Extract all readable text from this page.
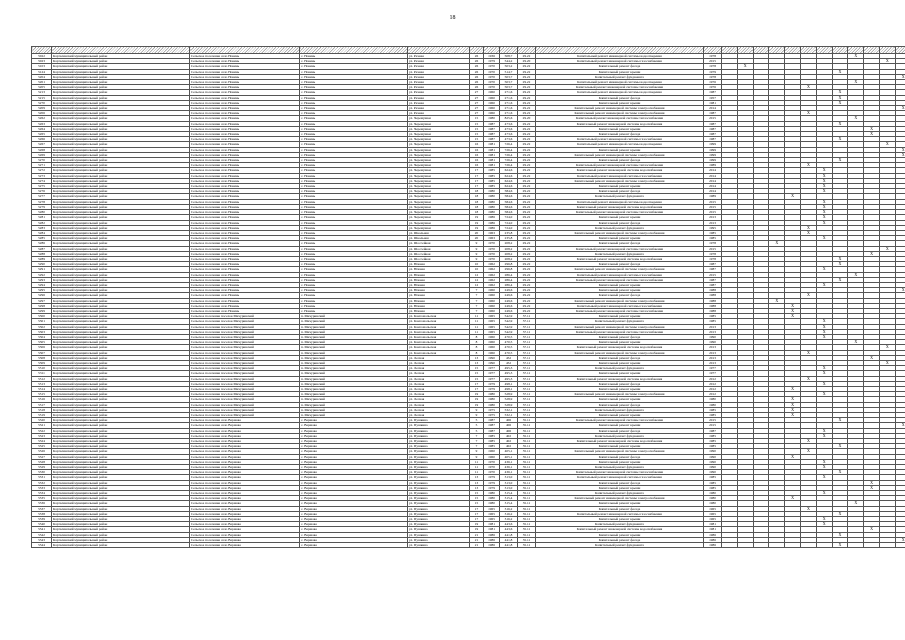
18

5022	Карталинский муниципальный район	Сельское поселение село Новинь	с. Новинь	ул. Речная	26	1936	508,7	29.22	Капитальный ремонт инженерной системы водоотведения	1978									X			
5023	Карталинский муниципальный район	Сельское поселение село Новинь	с. Новинь	ул. Речная	26	1979	544,2	29.20	Капитальный ремонт инженерной системы газоснабжения	2015											X	
5103	Карталинский муниципальный район	Сельское поселение село Новинь	с. Новинь	ул. Речная	26	1970	503,2	29.22	Капитальный ремонт фасада	1978		X										
5124	Карталинский муниципальный район	Сельское поселение село Новинь	с. Новинь	ул. Речная	26	1970	514,7	29.22	Капитальный ремонт крыши	1979								X				
5204	Карталинский муниципальный район	Сельское поселение село Новинь	с. Новинь	ул. Речная	26	1970	503,7	29.22	Капитальный ремонт фундамента	1978												X
5201	Карталинский муниципальный район	Сельское поселение село Новинь	с. Новинь	ул. Речная	26	1970	503,7	29.22	Капитальный ремонт инженерной системы водоотведения	1976									X			
5205	Карталинский муниципальный район	Сельское поселение село Новинь	с. Новинь	ул. Речная	26	1970	503,7	29.22	Капитальный ремонт инженерной системы теплоснабжения	1976						X						
5213	Карталинский муниципальный район	Сельское поселение село Новинь	с. Новинь	ул. Речная	27	1960	271,6	29.22	Капитальный ремонт инженерной системы водоотведения	1987								X				
5215	Карталинский муниципальный район	Сельское поселение село Новинь	с. Новинь	ул. Речная	27	1960	271,6	29.22	Капитальный ремонт фасада	1957								X				
5270	Карталинский муниципальный район	Сельское поселение село Новинь	с. Новинь	ул. Речная	27	1960	271,6	29.22	Капитальный ремонт крыши	1981								X				
5209	Карталинский муниципальный район	Сельское поселение село Новинь	с. Новинь	ул. Речная	27	1960	271,6	29.22	Капитальный ремонт инженерной системы электроснабжения	2014												X
5206	Карталинский муниципальный район	Сельское поселение село Новинь	с. Новинь	ул. Речная	27	1960	271,6	29.22	Капитальный ремонт инженерной системы электроснабжения	1987						X						
5262	Карталинский муниципальный район	Сельское поселение село Новинь	с. Новинь	ул. Черемушки	15	1980	825,6	29.20	Капитальный ремонт инженерной системы теплоснабжения	2015									X			
5263	Карталинский муниципальный район	Сельское поселение село Новинь	с. Новинь	ул. Черемушки	15	1987	473,6	29.22	Капитальный ремонт инженерной системы водоснабжения	1987								X				
5264	Карталинский муниципальный район	Сельское поселение село Новинь	с. Новинь	ул. Черемушки	15	1987	473,6	29.22	Капитальный ремонт крыши	1987										X		
5265	Карталинский муниципальный район	Сельское поселение село Новинь	с. Новинь	ул. Черемушки	15	1987	473,6	29.22	Капитальный ремонт фасада	1987										X		
5266	Карталинский муниципальный район	Сельское поселение село Новинь	с. Новинь	ул. Черемушки	15	1987	473,6	29.22	Капитальный ремонт инженерной системы газоснабжения	1987								X				
5267	Карталинский муниципальный район	Сельское поселение село Новинь	с. Новинь	ул. Черемушки	16	1981	726,4	29.22	Капитальный ремонт инженерной системы водоотведения	1999											X	
5268	Карталинский муниципальный район	Сельское поселение село Новинь	с. Новинь	ул. Черемушки	16	1981	726,4	29.22	Капитальный ремонт крыши	1999												X
5269	Карталинский муниципальный район	Сельское поселение село Новинь	с. Новинь	ул. Черемушки	16	1981	726,4	29.22	Капитальный ремонт инженерной системы электроснабжения	1999												X
5270	Карталинский муниципальный район	Сельское поселение село Новинь	с. Новинь	ул. Черемушки	16	1981	726,4	29.22	Капитальный ремонт фасада	1999								X				
5271	Карталинский муниципальный район	Сельское поселение село Новинь	с. Новинь	ул. Черемушки	16	1981	726,4	29.22	Капитальный ремонт инженерной системы теплоснабжения	1989						X						
5272	Карталинский муниципальный район	Сельское поселение село Новинь	с. Новинь	ул. Черемушки	17	1985	624,6	29.22	Капитальный ремонт инженерной системы водоснабжения	2014							X					
5273	Карталинский муниципальный район	Сельское поселение село Новинь	с. Новинь	ул. Черемушки	17	1985	624,6	29.22	Капитальный ремонт инженерной системы газоснабжения	2014							X					
5274	Карталинский муниципальный район	Сельское поселение село Новинь	с. Новинь	ул. Черемушки	17	1985	624,6	29.22	Капитальный ремонт инженерной системы электроснабжения	2014							X					
5275	Карталинский муниципальный район	Сельское поселение село Новинь	с. Новинь	ул. Черемушки	17	1985	624,6	29.22	Капитальный ремонт крыши	2014							X					
5276	Карталинский муниципальный район	Сельское поселение село Новинь	с. Новинь	ул. Черемушки	18	1980	584,6	29.22	Капитальный ремонт фасада	2014							X					
5277	Карталинский муниципальный район	Сельское поселение село Новинь	с. Новинь	ул. Черемушки	18	1980	584,6	29.22	Капитальный ремонт фундамента	1989					X							
5278	Карталинский муниципальный район	Сельское поселение село Новинь	с. Новинь	ул. Черемушки	18	1980	584,6	29.22	Капитальный ремонт инженерной системы водоотведения	2015							X					
5279	Карталинский муниципальный район	Сельское поселение село Новинь	с. Новинь	ул. Черемушки	18	1980	584,6	29.22	Капитальный ремонт инженерной системы водоснабжения	2015							X					
5280	Карталинский муниципальный район	Сельское поселение село Новинь	с. Новинь	ул. Черемушки	18	1980	584,6	29.22	Капитальный ремонт инженерной системы теплоснабжения	2015							X					
5281	Карталинский муниципальный район	Сельское поселение село Новинь	с. Новинь	ул. Черемушки	19	1986	724,0	29.22	Капитальный ремонт крыши	2013							X					
5282	Карталинский муниципальный район	Сельское поселение село Новинь	с. Новинь	ул. Черемушки	19	1986	724,0	29.22	Капитальный ремонт фасада	2013							X					
5283	Карталинский муниципальный район	Сельское поселение село Новинь	с. Новинь	ул. Черемушки	19	1986	724,0	29.22	Капитальный ремонт фундамента	1995						X						
5284	Карталинский муниципальный район	Сельское поселение село Новинь	с. Новинь	ул. Школьная	20	1963	235,8	29.22	Капитальный ремонт инженерной системы электроснабжения	1985						X						
5285	Карталинский муниципальный район	Сельское поселение село Новинь	с. Новинь	ул. Школьная	20	1963	235,8	29.22	Капитальный ремонт крыши	1985							X					
5286	Карталинский муниципальный район	Сельское поселение село Новинь	с. Новинь	ул. Шоссейная	9	1970	208,2	29.22	Капитальный ремонт фасада	1978				X								
5287	Карталинский муниципальный район	Сельское поселение село Новинь	с. Новинь	ул. Шоссейная	9	1970	208,2	29.22	Капитальный ремонт инженерной системы теплоснабжения	2015											X	
5288	Карталинский муниципальный район	Сельское поселение село Новинь	с. Новинь	ул. Шоссейная	9	1970	208,2	29.22	Капитальный ремонт фундамента	1978										X		
5289	Карталинский муниципальный район	Сельское поселение село Новинь	с. Новинь	ул. Шоссейная	9	1970	208,2	29.22	Капитальный ремонт инженерной системы водоснабжения	1978								X				
5290	Карталинский муниципальный район	Сельское поселение село Новинь	с. Новинь	ул. Южная	10	1962	296,8	29.22	Капитальный ремонт фасада	1987								X				
5291	Карталинский муниципальный район	Сельское поселение село Новинь	с. Новинь	ул. Южная	10	1962	296,8	29.22	Капитальный ремонт инженерной системы электроснабжения	1987							X					
5292	Карталинский муниципальный район	Сельское поселение село Новинь	с. Новинь	ул. Южная	12	1962	286,4	29.22	Капитальный ремонт инженерной системы газоснабжения	2015									X			
5293	Карталинский муниципальный район	Сельское поселение село Новинь	с. Новинь	ул. Южная	12	1962	286,4	29.22	Капитальный ремонт инженерной системы теплоснабжения	1987								X				
5294	Карталинский муниципальный район	Сельское поселение село Новинь	с. Новинь	ул. Южная	12	1962	286,4	29.22	Капитальный ремонт крыши	1987							X					
5295	Карталинский муниципальный район	Сельское поселение село Новинь	с. Новинь	ул. Южная	7	1960	249,6	29.22	Капитальный ремонт крыши	1988												X
5296	Карталинский муниципальный район	Сельское поселение село Новинь	с. Новинь	ул. Южная	7	1960	249,6	29.22	Капитальный ремонт фасада	1988						X						
5297	Карталинский муниципальный район	Сельское поселение село Новинь	с. Новинь	ул. Южная	7	1960	249,6	29.22	Капитальный ремонт инженерной системы электроснабжения	1988				X								
5298	Карталинский муниципальный район	Сельское поселение село Новинь	с. Новинь	ул. Южная	7	1960	249,6	29.22	Капитальный ремонт инженерной системы газоснабжения	1988					X							
5299	Карталинский муниципальный район	Сельское поселение село Новинь	с. Новинь	ул. Южная	7	1960	249,6	29.22	Капитальный ремонт инженерной системы теплоснабжения	1988					X							
5300	Карталинский муниципальный район	Сельское поселение поселок Мичуринский	п. Мичуринский	ул. Комсомольская	11	1965	542,9	37.11	Капитальный ремонт крыши	1985					X							
5301	Карталинский муниципальный район	Сельское поселение поселок Мичуринский	п. Мичуринский	ул. Комсомольская	11	1965	542,9	37.11	Капитальный ремонт фундамента	1985							X					
5302	Карталинский муниципальный район	Сельское поселение поселок Мичуринский	п. Мичуринский	ул. Комсомольская	11	1965	542,9	37.11	Капитальный ремонт инженерной системы электроснабжения	2013							X					
5303	Карталинский муниципальный район	Сельское поселение поселок Мичуринский	п. Мичуринский	ул. Комсомольская	11	1965	542,9	37.11	Капитальный ремонт инженерной системы теплоснабжения	2013							X					
5304	Карталинский муниципальный район	Сельское поселение поселок Мичуринский	п. Мичуринский	ул. Комсомольская	8	1960	470,5	37.11	Капитальный ремонт фасада	1990							X					
5305	Карталинский муниципальный район	Сельское поселение поселок Мичуринский	п. Мичуринский	ул. Комсомольская	8	1960	470,5	37.11	Капитальный ремонт крыши	1990									X			
5306	Карталинский муниципальный район	Сельское поселение поселок Мичуринский	п. Мичуринский	ул. Комсомольская	8	1960	470,5	37.11	Капитальный ремонт инженерной системы водоснабжения	2013											X	
5307	Карталинский муниципальный район	Сельское поселение поселок Мичуринский	п. Мичуринский	ул. Комсомольская	8	1960	470,5	37.11	Капитальный ремонт инженерной системы электроснабжения	2013						X						
5308	Карталинский муниципальный район	Сельское поселение поселок Мичуринский	п. Мичуринский	ул. Лесная	13	1990	452	37.11	Капитальный ремонт фасада	2013										X		
5309	Карталинский муниципальный район	Сельское поселение поселок Мичуринский	п. Мичуринский	ул. Лесная	13	1990	452	37.11	Капитальный ремонт крыши	2013											X	
5310	Карталинский муниципальный район	Сельское поселение поселок Мичуринский	п. Мичуринский	ул. Лесная	15	1977	495,3	37.11	Капитальный ремонт фундамента	1977							X					
5311	Карталинский муниципальный район	Сельское поселение поселок Мичуринский	п. Мичуринский	ул. Лесная	15	1977	495,3	37.11	Капитальный ремонт крыши	1977							X					
5312	Карталинский муниципальный район	Сельское поселение поселок Мичуринский	п. Мичуринский	ул. Лесная	15	1977	495,3	37.11	Капитальный ремонт инженерной системы водоснабжения	2012						X						
5313	Карталинский муниципальный район	Сельское поселение поселок Мичуринский	п. Мичуринский	ул. Лесная	17	1979	498,1	37.11	Капитальный ремонт фасада	2012							X					
5314	Карталинский муниципальный район	Сельское поселение поселок Мичуринский	п. Мичуринский	ул. Лесная	17	1979	498,1	37.11	Капитальный ремонт крыши	2012					X							
5315	Карталинский муниципальный район	Сельское поселение поселок Мичуринский	п. Мичуринский	ул. Лесная	19	1980	528,9	37.11	Капитальный ремонт инженерной системы электроснабжения	2012							X					
5316	Карталинский муниципальный район	Сельское поселение поселок Мичуринский	п. Мичуринский	ул. Лесная	19	1980	528,9	37.11	Капитальный ремонт крыши	1980					X							
5317	Карталинский муниципальный район	Сельское поселение поселок Мичуринский	п. Мичуринский	ул. Лесная	19	1980	528,9	37.11	Капитальный ремонт фасада	1980					X							
5318	Карталинский муниципальный район	Сельское поселение поселок Мичуринский	п. Мичуринский	ул. Лесная	9	1975	532,1	37.11	Капитальный ремонт фундамента	1985					X							
5319	Карталинский муниципальный район	Сельское поселение поселок Мичуринский	п. Мичуринский	ул. Лесная	9	1975	532,1	37.11	Капитальный ремонт крыши	1985					X							
5320	Карталинский муниципальный район	Сельское поселение село Варшава	с. Варшава	ул. Пушкина	5	1987	406	35.11	Капитальный ремонт инженерной системы теплоснабжения	2015								X				
5321	Карталинский муниципальный район	Сельское поселение село Варшава	с. Варшава	ул. Пушкина	5	1987	406	35.11	Капитальный ремонт крыши	2015												X
5322	Карталинский муниципальный район	Сельское поселение село Варшава	с. Варшава	ул. Пушкина	5	1987	406	35.11	Капитальный ремонт фасада	1987							X					
5323	Карталинский муниципальный район	Сельское поселение село Варшава	с. Варшава	ул. Пушкина	7	1985	402	35.11	Капитальный ремонт фундамента	1985							X					
5324	Карталинский муниципальный район	Сельское поселение село Варшава	с. Варшава	ул. Пушкина	7	1985	402	35.11	Капитальный ремонт инженерной системы водоснабжения	1985						X						
5325	Карталинский муниципальный район	Сельское поселение село Варшава	с. Варшава	ул. Пушкина	7	1985	402	35.11	Капитальный ремонт крыши	1985								X				
5326	Карталинский муниципальный район	Сельское поселение село Варшава	с. Варшава	ул. Пушкина	9	1960	405,1	35.11	Капитальный ремонт инженерной системы электроснабжения	1990						X						
5327	Карталинский муниципальный район	Сельское поселение село Варшава	с. Варшава	ул. Пушкина	9	1960	405,1	35.11	Капитальный ремонт фасада	1990					X							
5328	Карталинский муниципальный район	Сельское поселение село Варшава	с. Варшава	ул. Пушкина	11	1970	436,1	35.11	Капитальный ремонт крыши	1990							X					
5329	Карталинский муниципальный район	Сельское поселение село Варшава	с. Варшава	ул. Пушкина	11	1970	436,1	35.11	Капитальный ремонт фундамента	1990							X					
5330	Карталинский муниципальный район	Сельское поселение село Варшава	с. Варшава	ул. Пушкина	11	1970	436,1	35.11	Капитальный ремонт инженерной системы теплоснабжения	1990								X				
5331	Карталинский муниципальный район	Сельское поселение село Варшава	с. Варшава	ул. Пушкина	13	1979	313,0	35.11	Капитальный ремонт инженерной системы газоснабжения	1985							X					
5332	Карталинский муниципальный район	Сельское поселение село Варшава	с. Варшава	ул. Пушкина	13	1979	313,0	35.11	Капитальный ремонт фасада	1985										X		
5333	Карталинский муниципальный район	Сельское поселение село Варшава	с. Варшава	ул. Пушкина	13	1979	313,0	35.11	Капитальный ремонт крыши	1985										X		
5334	Карталинский муниципальный район	Сельское поселение село Варшава	с. Варшава	ул. Пушкина	15	1980	315,4	35.11	Капитальный ремонт фундамента	1980							X					
5335	Карталинский муниципальный район	Сельское поселение село Варшава	с. Варшава	ул. Пушкина	15	1980	315,4	35.11	Капитальный ремонт инженерной системы электроснабжения	1980					X							
5336	Карталинский муниципальный район	Сельское поселение село Варшава	с. Варшава	ул. Пушкина	15	1980	315,4	35.11	Капитальный ремонт крыши	1980									X			
5337	Карталинский муниципальный район	Сельское поселение село Варшава	с. Варшава	ул. Пушкина	17	1965	316,2	35.11	Капитальный ремонт фасада	1965						X						
5338	Карталинский муниципальный район	Сельское поселение село Варшава	с. Варшава	ул. Пушкина	17	1965	316,2	35.11	Капитальный ремонт инженерной системы газоснабжения	1965								X				
5339	Карталинский муниципальный район	Сельское поселение село Варшава	с. Варшава	ул. Пушкина	17	1965	316,2	35.11	Капитальный ремонт крыши	1965							X					
5340	Карталинский муниципальный район	Сельское поселение село Варшава	с. Варшава	ул. Пушкина	19	1981	443,6	35.11	Капитальный ремонт фундамента	1981							X					
5341	Карталинский муниципальный район	Сельское поселение село Варшава	с. Варшава	ул. Пушкина	19	1981	443,6	35.11	Капитальный ремонт инженерной системы водоснабжения	1981										X		
5342	Карталинский муниципальный район	Сельское поселение село Варшава	с. Варшава	ул. Пушкина	21	1986	441,8	35.11	Капитальный ремонт крыши	1986								X				
5343	Карталинский муниципальный район	Сельское поселение село Варшава	с. Варшава	ул. Пушкина	21	1986	441,8	35.11	Капитальный ремонт фасада	1986												X
5344	Карталинский муниципальный район	Сельское поселение село Варшава	с. Варшава	ул. Пушкина	21	1986	441,8	35.11	Капитальный ремонт фундамента	1986								X				
